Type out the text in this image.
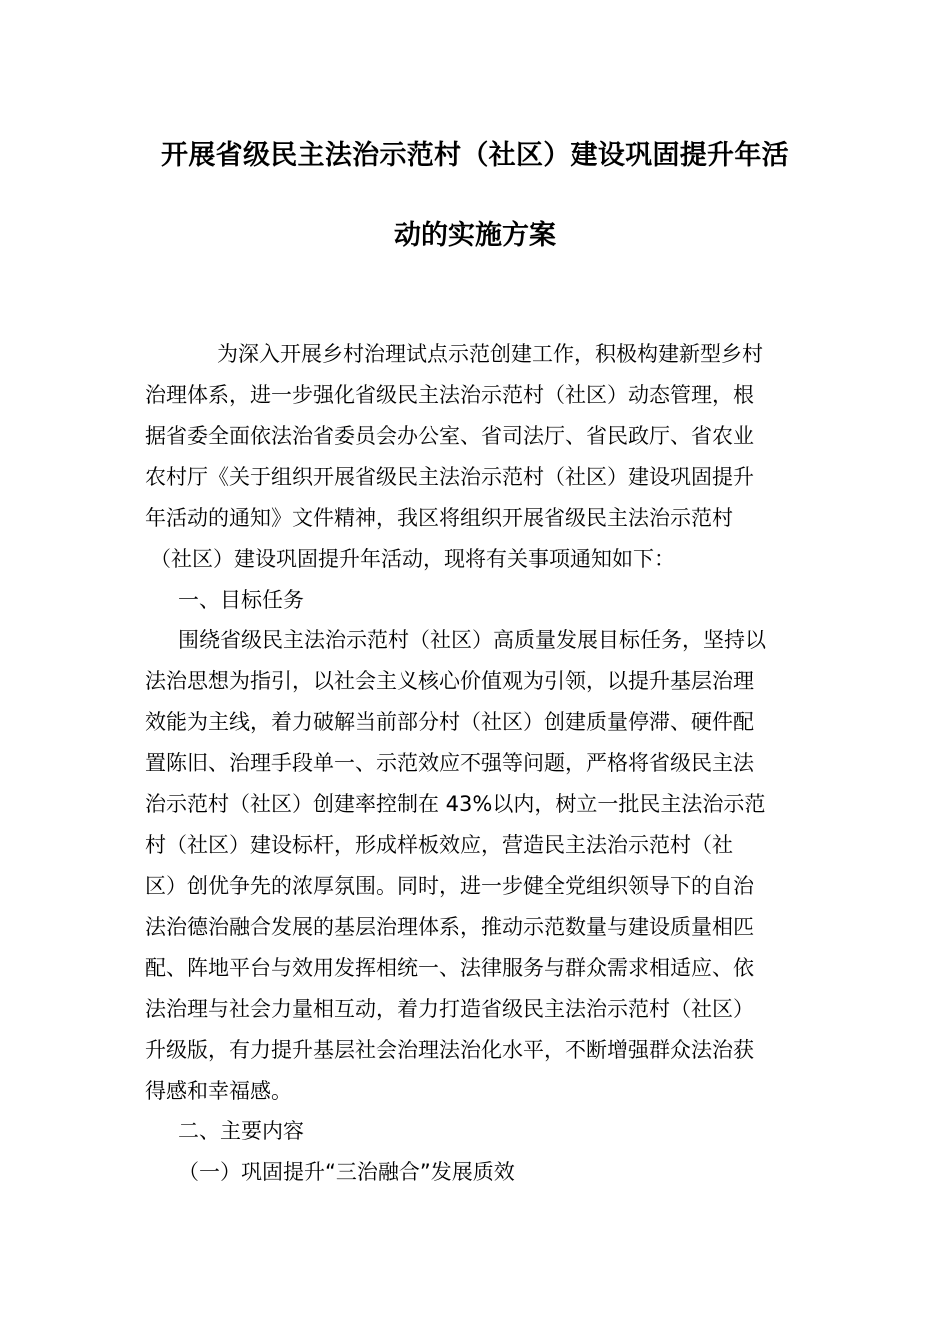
开展省级民主法治示范村（社区）建设巩固提升年活
动的实施方案
为深入开展乡村治理试点示范创建工作，积极构建新型乡村
治理体系，进一步强化省级民主法治示范村（社区）动态管理，根
据省委全面依法治省委员会办公室、省司法厅、省民政厅、省农业
农村厅《关于组织开展省级民主法治示范村（社区）建设巩固提升
年活动的通知》文件精神，我区将组织开展省级民主法治示范村
（社区）建设巩固提升年活动，现将有关事项通知如下：
一、目标任务
围绕省级民主法治示范村（社区）高质量发展目标任务，坚持以
法治思想为指引，以社会主义核心价值观为引领，以提升基层治理
效能为主线，着力破解当前部分村（社区）创建质量停滞、硬件配
置陈旧、治理手段单一、示范效应不强等问题，严格将省级民主法
治示范村（社区）创建率控制在 43%以内，树立一批民主法治示范
村（社区）建设标杆，形成样板效应，营造民主法治示范村（社
区）创优争先的浓厚氛围。同时，进一步健全党组织领导下的自治
法治德治融合发展的基层治理体系，推动示范数量与建设质量相匹
配、阵地平台与效用发挥相统一、法律服务与群众需求相适应、依
法治理与社会力量相互动，着力打造省级民主法治示范村（社区）
升级版，有力提升基层社会治理法治化水平，不断增强群众法治获
得感和幸福感。
二、主要内容
（一）巩固提升“三治融合”发展质效
